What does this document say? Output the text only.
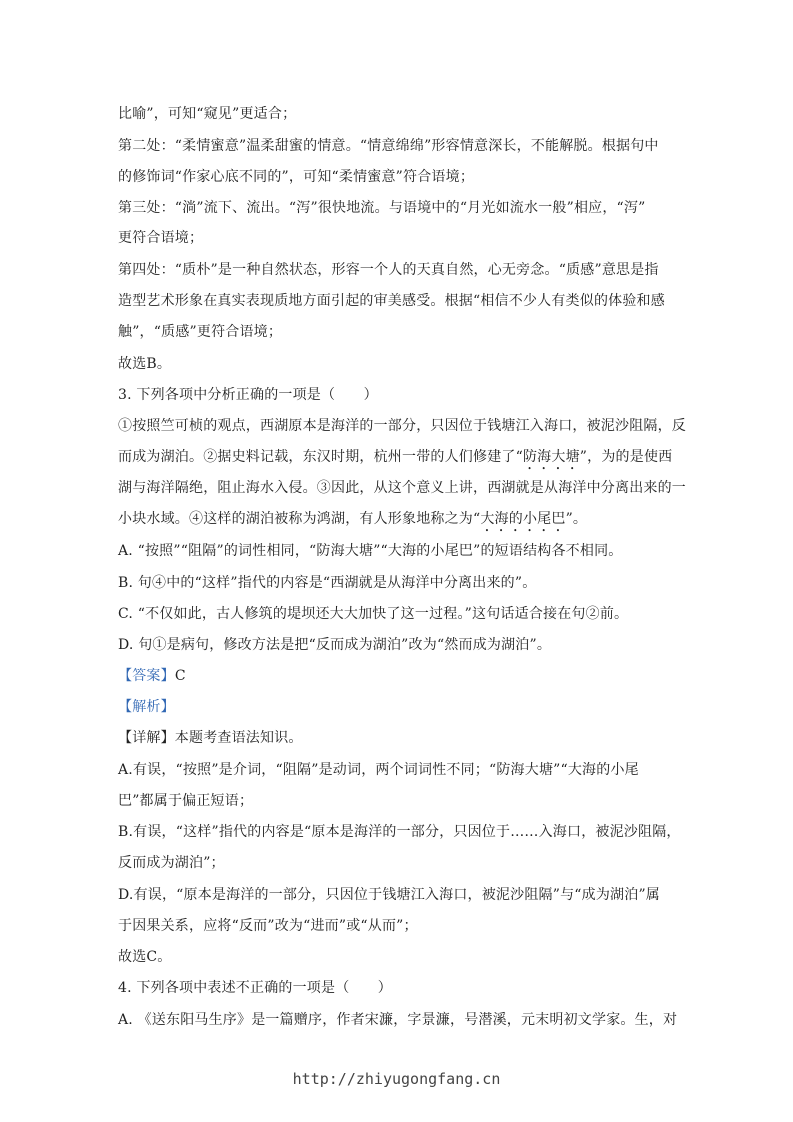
比喻”，可知“窥见”更适合；
第二处：“柔情蜜意”温柔甜蜜的情意。“情意绵绵”形容情意深长，不能解脱。根据句中
的修饰词“作家心底不同的”，可知“柔情蜜意”符合语境；
第三处：“淌”流下、流出。“泻”很快地流。与语境中的“月光如流水一般”相应，“泻”
更符合语境；
第四处：“质朴”是一种自然状态，形容一个人的天真自然，心无旁念。“质感”意思是指
造型艺术形象在真实表现质地方面引起的审美感受。根据“相信不少人有类似的体验和感
触”，“质感”更符合语境；
故选B。
3. 下列各项中分析正确的一项是（　　）
①按照竺可桢的观点，西湖原本是海洋的一部分，只因位于钱塘江入海口，被泥沙阻隔，反
而成为湖泊。②据史料记载，东汉时期，杭州一带的人们修建了“防海大塘”，为的是使西
湖与海洋隔绝，阻止海水入侵。③因此，从这个意义上讲，西湖就是从海洋中分离出来的一
小块水域。④这样的湖泊被称为鸿湖，有人形象地称之为“大海的小尾巴”。
A. “按照”“阻隔”的词性相同，“防海大塘”“大海的小尾巴”的短语结构各不相同。
B. 句④中的“这样”指代的内容是“西湖就是从海洋中分离出来的”。
C. “不仅如此，古人修筑的堤坝还大大加快了这一过程。”这句话适合接在句②前。
D. 句①是病句，修改方法是把“反而成为湖泊”改为“然而成为湖泊”。
【答案】C
【解析】
【详解】本题考查语法知识。
A.有误，“按照”是介词，“阻隔”是动词，两个词词性不同；“防海大塘”“大海的小尾
巴”都属于偏正短语；
B.有误，“这样”指代的内容是“原本是海洋的一部分，只因位于……入海口，被泥沙阻隔，
反而成为湖泊”；
D.有误，“原本是海洋的一部分，只因位于钱塘江入海口，被泥沙阻隔”与“成为湖泊”属
于因果关系，应将“反而”改为“进而”或“从而”；
故选C。
4. 下列各项中表述不正确的一项是（　　）
A. 《送东阳马生序》是一篇赠序，作者宋濂，字景濂，号潜溪，元末明初文学家。生，对
http://zhiyugongfang.cn
